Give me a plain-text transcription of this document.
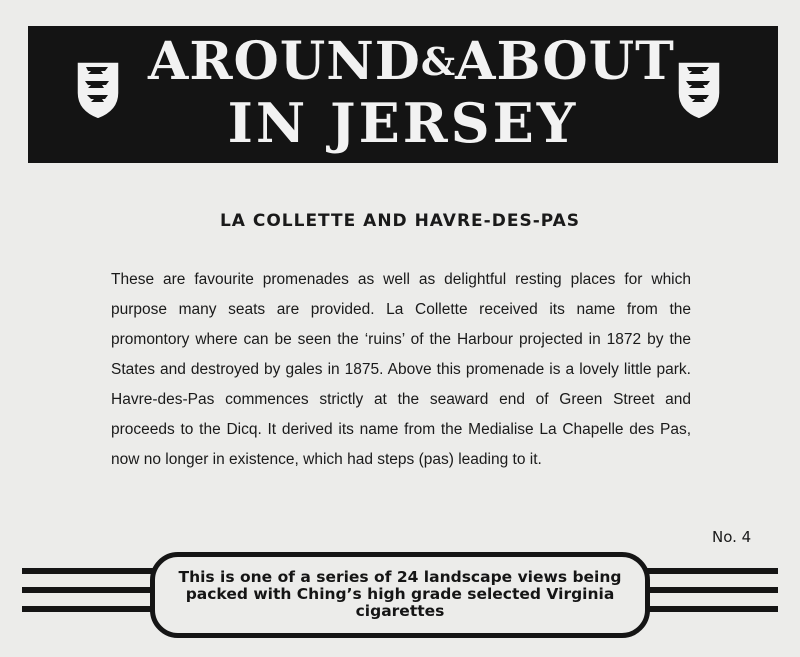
AROUND&ABOUT
IN JERSEY
LA COLLETTE AND HAVRE-DES-PAS
These are favourite promenades as well as delightful resting places for which purpose many seats are provided. La Collette received its name from the promontory where can be seen the ‘ruins’ of the Harbour projected in 1872 by the States and destroyed by gales in 1875. Above this promenade is a lovely little park. Havre-des-Pas commences strictly at the seaward end of Green Street and proceeds to the Dicq. It derived its name from the Medialise La Chapelle des Pas, now no longer in existence, which had steps (pas) leading to it.
No. 4
This is one of a series of 24 landscape views being packed with Ching’s high grade selected Virginia cigarettes
